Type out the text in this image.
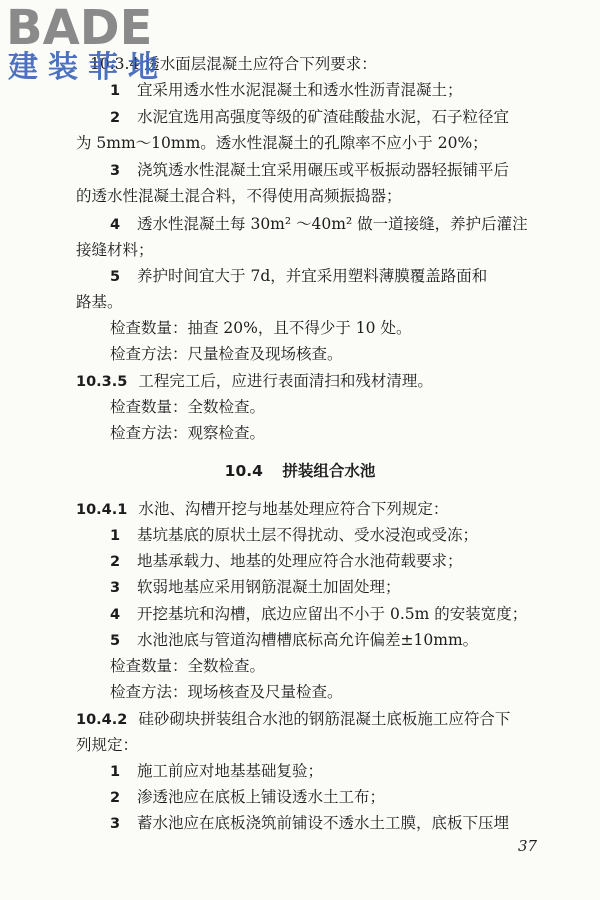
BADE
建装菲地
10.3.4 透水面层混凝土应符合下列要求：
1 宜采用透水性水泥混凝土和透水性沥青混凝土；
2 水泥宜选用高强度等级的矿渣硅酸盐水泥，石子粒径宜
为 5mm～10mm。透水性混凝土的孔隙率不应小于 20%；
3 浇筑透水性混凝土宜采用碾压或平板振动器轻振铺平后
的透水性混凝土混合料，不得使用高频振捣器；
4 透水性混凝土每 30m² ～40m² 做一道接缝，养护后灌注
接缝材料；
5 养护时间宜大于 7d，并宜采用塑料薄膜覆盖路面和
路基。
检查数量：抽查 20%，且不得少于 10 处。
检查方法：尺量检查及现场核查。
10.3.5 工程完工后，应进行表面清扫和残材清理。
检查数量：全数检查。
检查方法：观察检查。
10.4 拼装组合水池
10.4.1 水池、沟槽开挖与地基处理应符合下列规定：
1 基坑基底的原状土层不得扰动、受水浸泡或受冻；
2 地基承载力、地基的处理应符合水池荷载要求；
3 软弱地基应采用钢筋混凝土加固处理；
4 开挖基坑和沟槽，底边应留出不小于 0.5m 的安装宽度；
5 水池池底与管道沟槽槽底标高允许偏差±10mm。
检查数量：全数检查。
检查方法：现场核查及尺量检查。
10.4.2 硅砂砌块拼装组合水池的钢筋混凝土底板施工应符合下
列规定：
1 施工前应对地基基础复验；
2 渗透池应在底板上铺设透水土工布；
3 蓄水池应在底板浇筑前铺设不透水土工膜，底板下压埋
37
